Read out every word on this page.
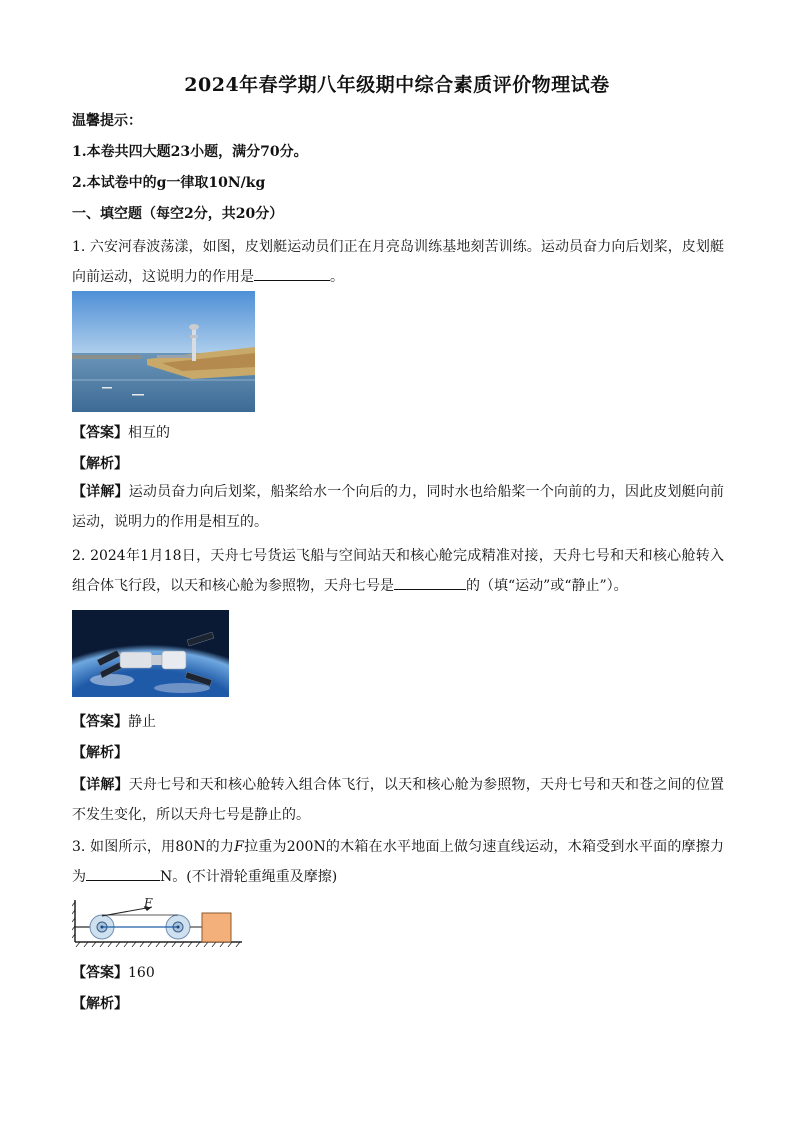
2024年春学期八年级期中综合素质评价物理试卷
温馨提示：
1.本卷共四大题23小题，满分70分。
2.本试卷中的g一律取10N/kg
一、填空题（每空2分，共20分）
1. 六安河春波荡漾，如图，皮划艇运动员们正在月亮岛训练基地刻苦训练。运动员奋力向后划桨，皮划艇向前运动，这说明力的作用是	。
【答案】相互的
【解析】
【详解】运动员奋力向后划桨，船桨给水一个向后的力，同时水也给船桨一个向前的力，因此皮划艇向前运动，说明力的作用是相互的。
2. 2024年1月18日，天舟七号货运飞船与空间站天和核心舱完成精准对接，天舟七号和天和核心舱转入组合体飞行段，以天和核心舱为参照物，天舟七号是	的（填“运动”或“静止”）。
【答案】静止
【解析】
【详解】天舟七号和天和核心舱转入组合体飞行，以天和核心舱为参照物，天舟七号和天和苍之间的位置不发生变化，所以天舟七号是静止的。
3. 如图所示，用80N的力F拉重为200N的木箱在水平地面上做匀速直线运动，木箱受到水平面的摩擦力为	N。(不计滑轮重绳重及摩擦)
F
【答案】160
【解析】
